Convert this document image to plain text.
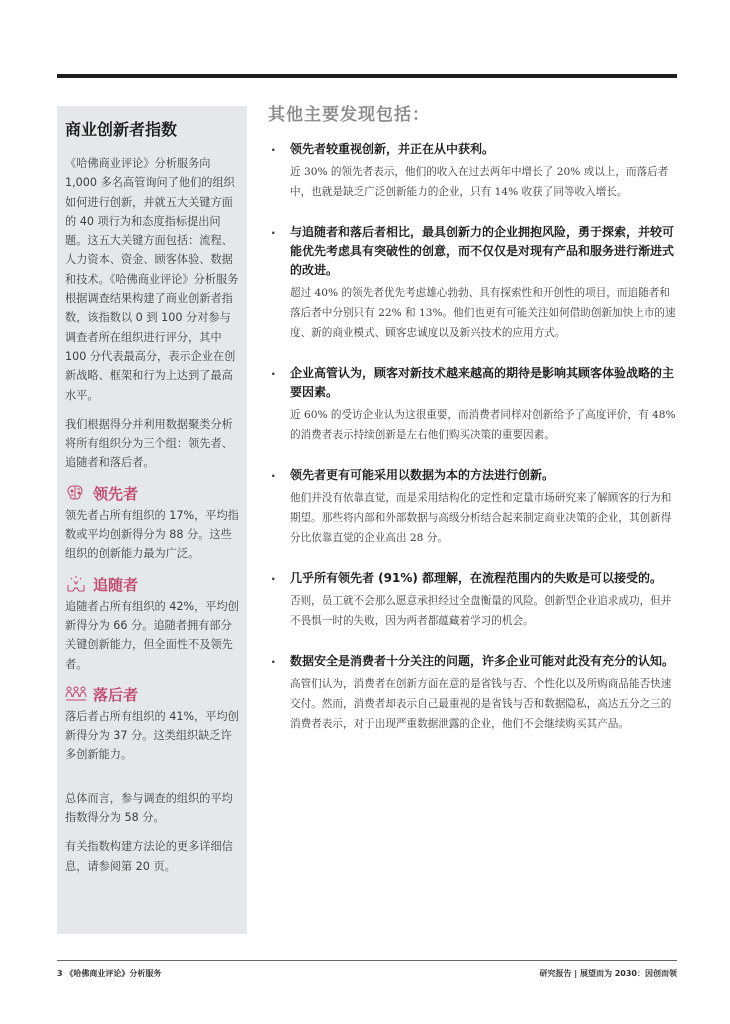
商业创新者指数

《哈佛商业评论》分析服务向 1,000 多名高管询问了他们的组织如何进行创新，并就五大关键方面的 40 项行为和态度指标提出问题。这五大关键方面包括：流程、人力资本、资金、顾客体验、数据和技术。《哈佛商业评论》分析服务根据调查结果构建了商业创新者指数，该指数以 0 到 100 分对参与调查者所在组织进行评分，其中 100 分代表最高分，表示企业在创新战略、框架和行为上达到了最高水平。

我们根据得分并利用数据聚类分析将所有组织分为三个组：领先者、追随者和落后者。

领先者

领先者占所有组织的 17%，平均指数或平均创新得分为 88 分。这些组织的创新能力最为广泛。

追随者

追随者占所有组织的 42%，平均创新得分为 66 分。追随者拥有部分关键创新能力，但全面性不及领先者。

落后者

落后者占所有组织的 41%，平均创新得分为 37 分。这类组织缺乏许多创新能力。

总体而言，参与调查的组织的平均指数得分为 58 分。

有关指数构建方法论的更多详细信息，请参阅第 20 页。

其他主要发现包括：
· 领先者较重视创新，并正在从中获利。

近 30% 的领先者表示，他们的收入在过去两年中增长了 20% 或以上，而落后者中，也就是缺乏广泛创新能力的企业，只有 14% 收获了同等收入增长。

· 与追随者和落后者相比，最具创新力的企业拥抱风险，勇于探索，并较可能优先考虑具有突破性的创意，而不仅仅是对现有产品和服务进行渐进式的改进。

超过 40% 的领先者优先考虑雄心勃勃、具有探索性和开创性的项目，而追随者和落后者中分别只有 22% 和 13%。他们也更有可能关注如何借助创新加快上市的速度、新的商业模式、顾客忠诚度以及新兴技术的应用方式。

· 企业高管认为，顾客对新技术越来越高的期待是影响其顾客体验战略的主要因素。

近 60% 的受访企业认为这很重要，而消费者同样对创新给予了高度评价，有 48% 的消费者表示持续创新是左右他们购买决策的重要因素。

· 领先者更有可能采用以数据为本的方法进行创新。

他们并没有依靠直觉，而是采用结构化的定性和定量市场研究来了解顾客的行为和期望。那些将内部和外部数据与高级分析结合起来制定商业决策的企业，其创新得分比依靠直觉的企业高出 28 分。

· 几乎所有领先者 (91%) 都理解，在流程范围内的失败是可以接受的。

否则，员工就不会那么愿意承担经过全盘衡量的风险。创新型企业追求成功，但并不畏惧一时的失败，因为两者都蕴藏着学习的机会。

· 数据安全是消费者十分关注的问题，许多企业可能对此没有充分的认知。

高管们认为，消费者在创新方面在意的是省钱与否、个性化以及所购商品能否快速交付。然而，消费者却表示自己最重视的是省钱与否和数据隐私，高达五分之三的消费者表示，对于出现严重数据泄露的企业，他们不会继续购买其产品。

3 《哈佛商业评论》分析服务	研究报告 | 展望而为 2030：因创而领
